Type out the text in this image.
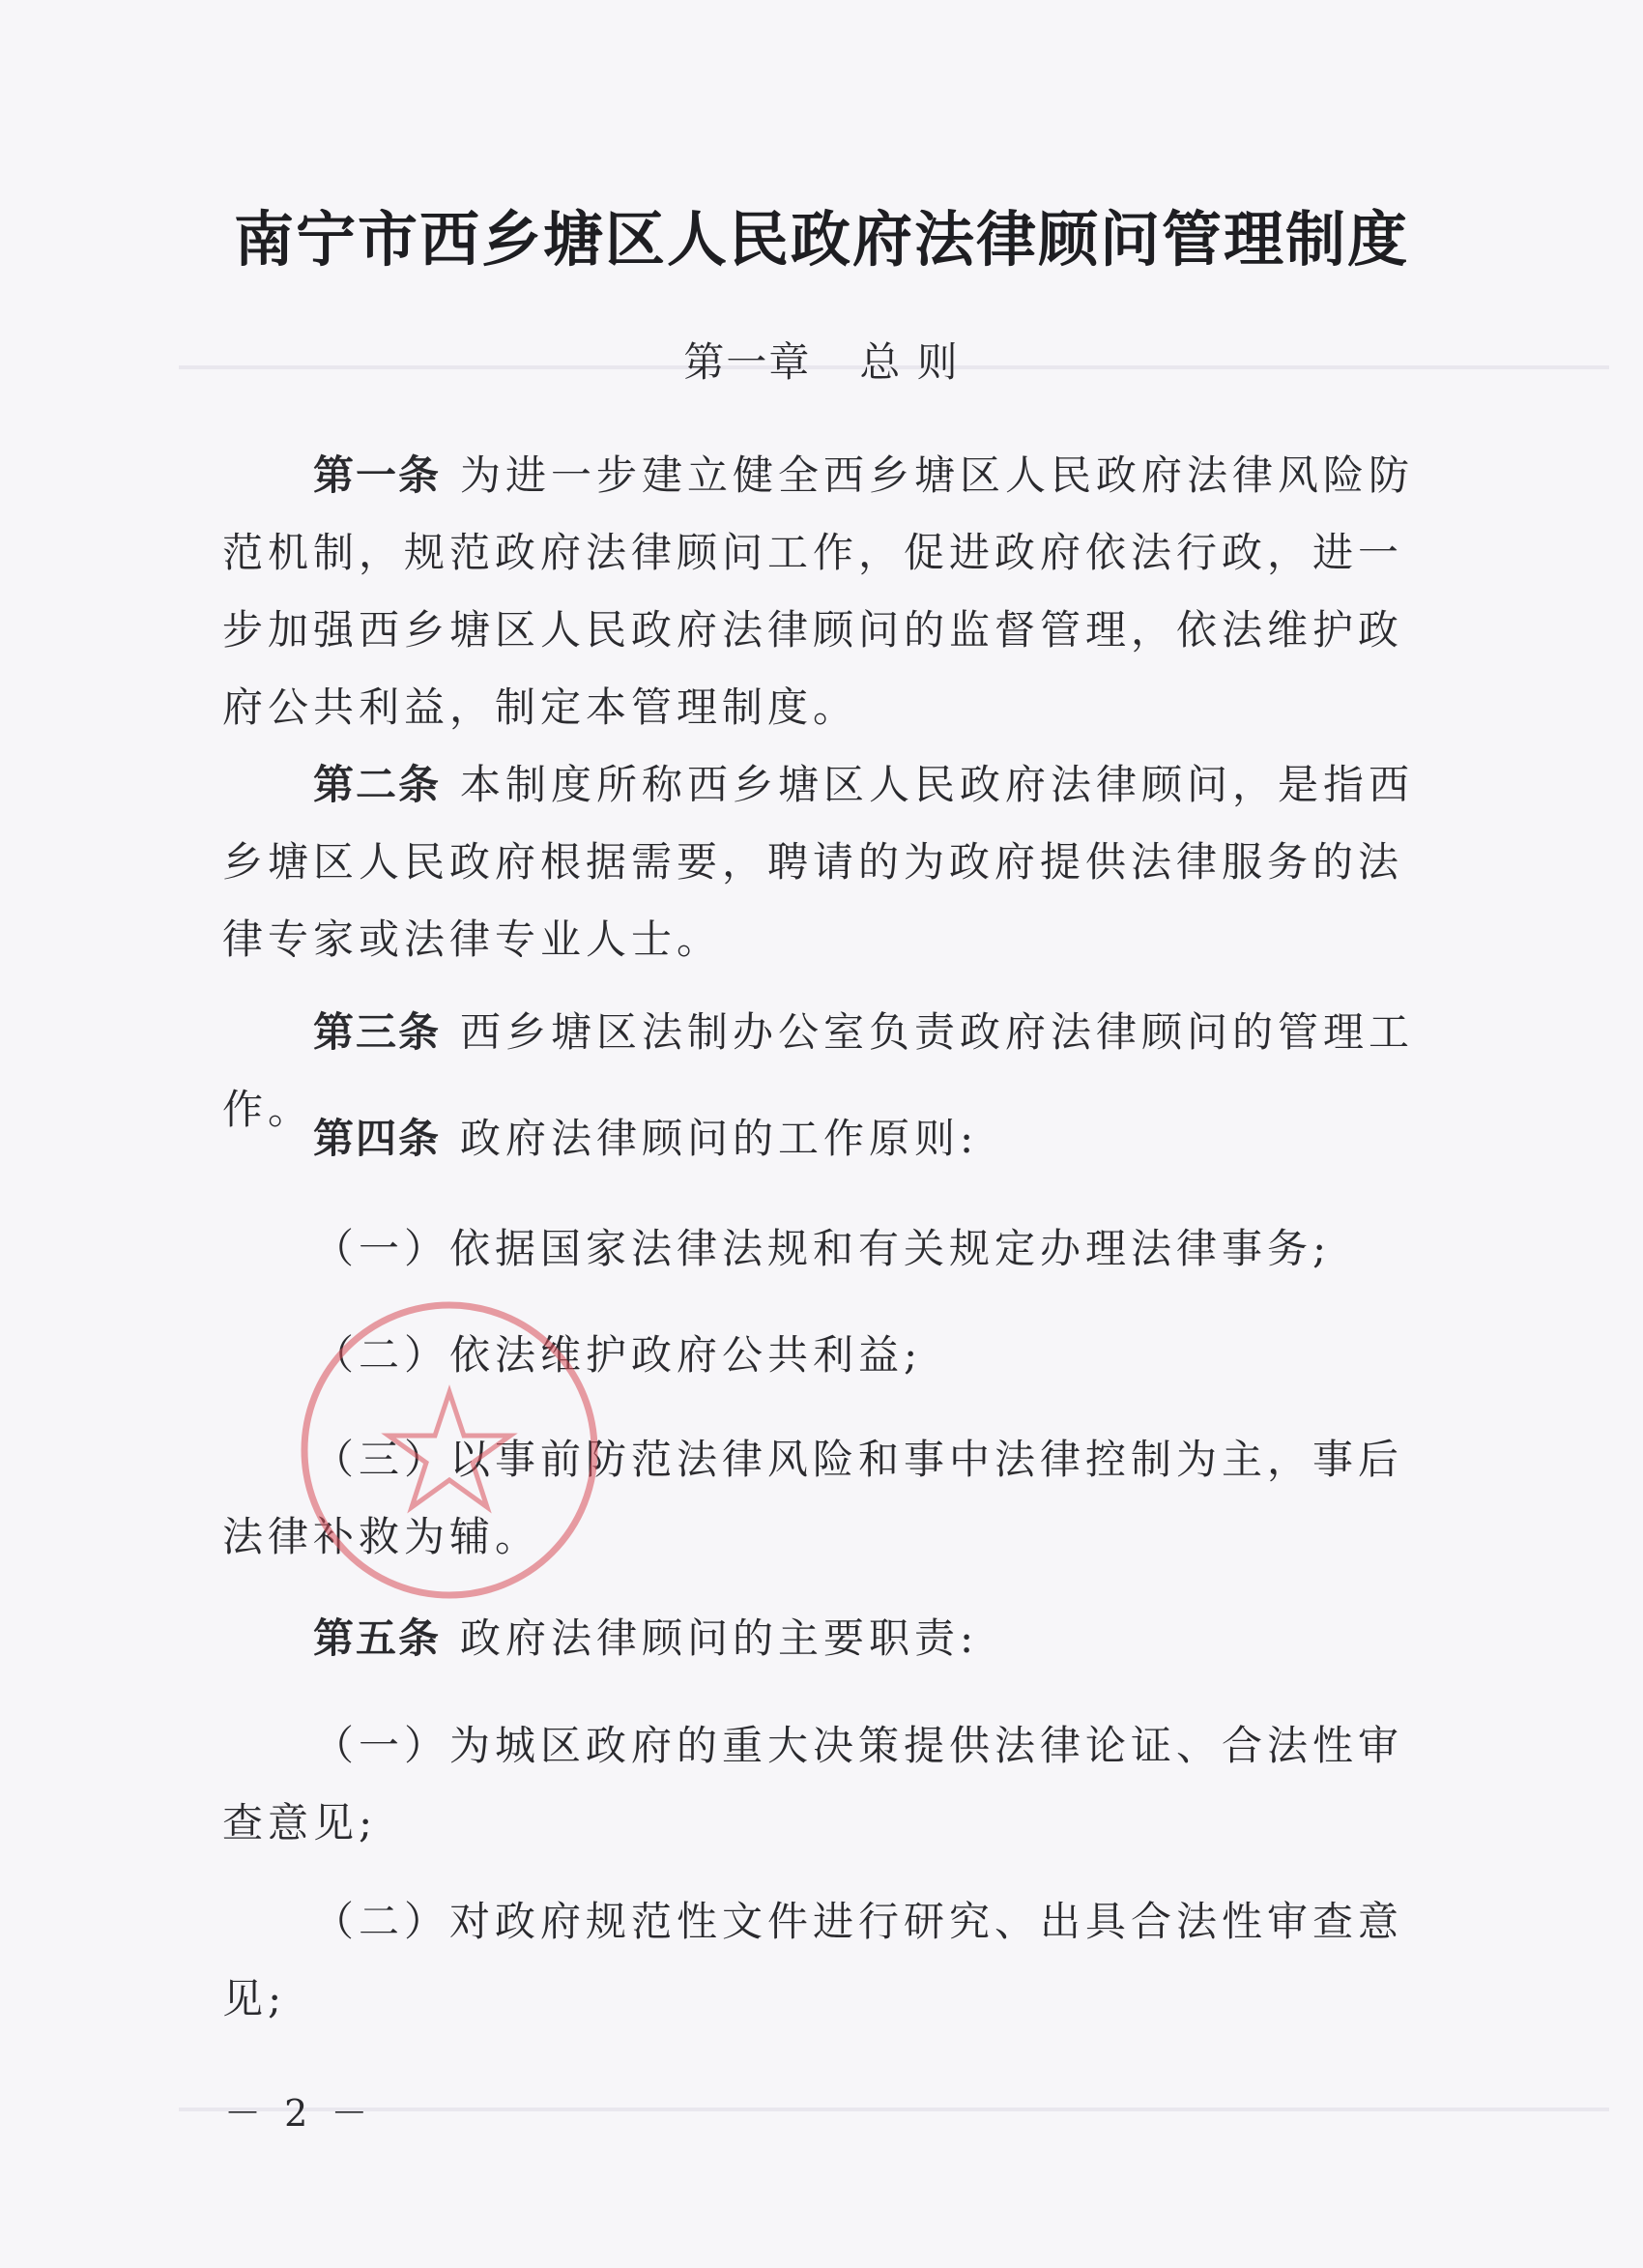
南宁市西乡塘区人民政府法律顾问管理制度
第一章 总 则

第一条 为进一步建立健全西乡塘区人民政府法律风险防范机制，规范政府法律顾问工作，促进政府依法行政，进一步加强西乡塘区人民政府法律顾问的监督管理，依法维护政府公共利益，制定本管理制度。

第二条 本制度所称西乡塘区人民政府法律顾问，是指西乡塘区人民政府根据需要，聘请的为政府提供法律服务的法律专家或法律专业人士。

第三条 西乡塘区法制办公室负责政府法律顾问的管理工作。

第四条 政府法律顾问的工作原则:

（一）依据国家法律法规和有关规定办理法律事务;

（二）依法维护政府公共利益;

（三）以事前防范法律风险和事中法律控制为主，事后法律补救为辅。

第五条 政府法律顾问的主要职责:

（一）为城区政府的重大决策提供法律论证、合法性审查意见;

（二）对政府规范性文件进行研究、出具合法性审查意见;

－ 2 －
